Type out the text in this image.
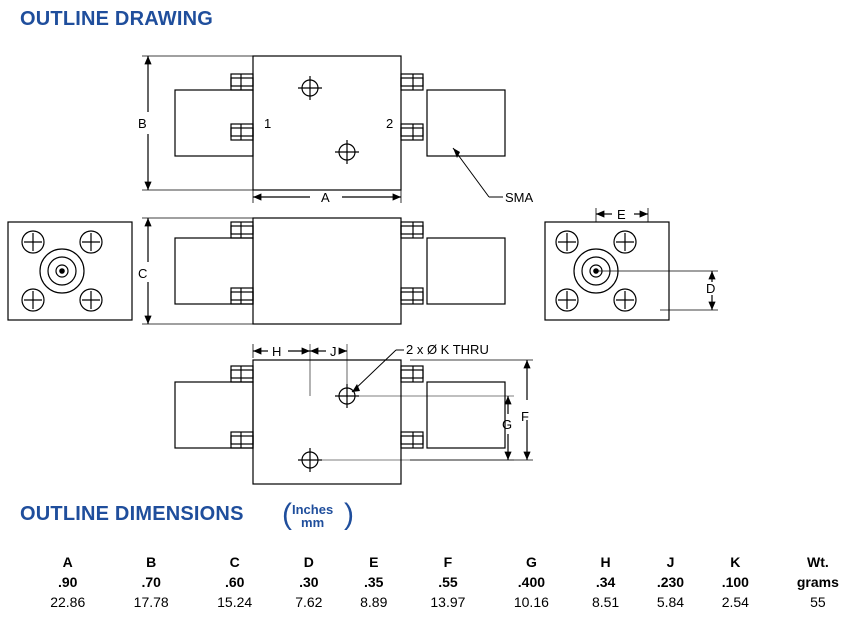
OUTLINE DRAWING
OUTLINE DIMENSIONS ( Inches
mm )
1	2
B
A
C
E
D
H	J
F
G
SMA
2 x Ø K THRU
	A	B	C	D	E	F	G	H	J	K	Wt.
	.90	.70	.60	.30	.35	.55	.400	.34	.230	.100	grams
	22.86	17.78	15.24	7.62	8.89	13.97	10.16	8.51	5.84	2.54	55
